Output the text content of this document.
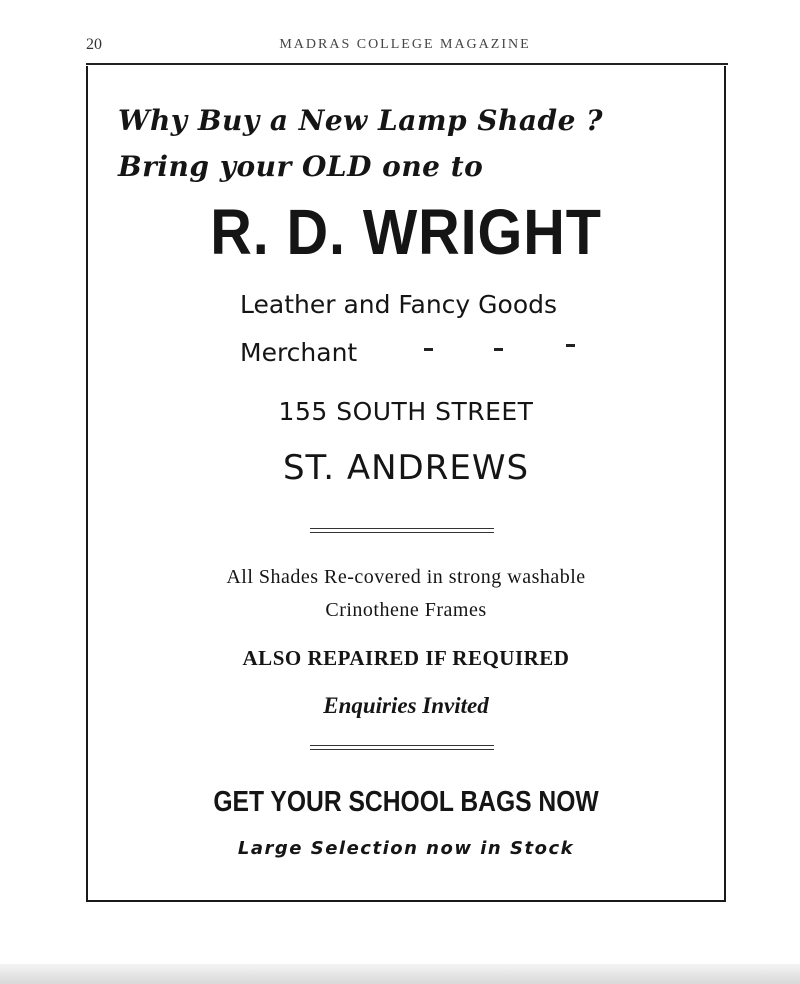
20	MADRAS COLLEGE MAGAZINE
Why Buy a New Lamp Shade ?
Bring your OLD one to
R. D. WRIGHT
Leather and Fancy Goods
Merchant
155 SOUTH STREET
ST. ANDREWS
All Shades Re-covered in strong washable
Crinothene Frames
ALSO REPAIRED IF REQUIRED
Enquiries Invited
GET YOUR SCHOOL BAGS NOW
Large Selection now in Stock
